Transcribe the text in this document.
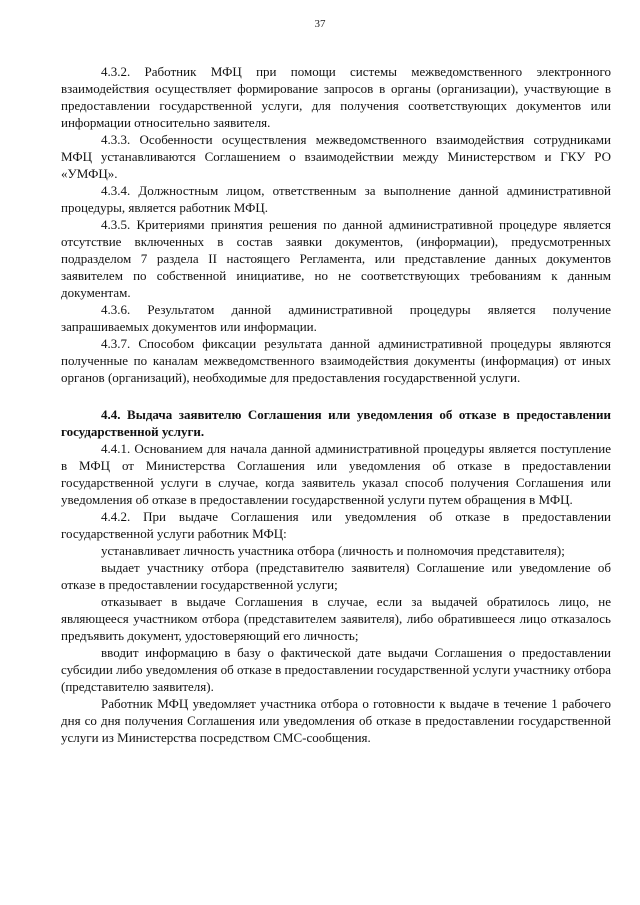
37

4.3.2. Работник МФЦ при помощи системы межведомственного электронного взаимодействия осуществляет формирование запросов в органы (организации), участвующие в предоставлении государственной услуги, для получения соответствующих документов или информации относительно заявителя.

4.3.3. Особенности осуществления межведомственного взаимодействия сотрудниками МФЦ устанавливаются Соглашением о взаимодействии между Министерством и ГКУ РО «УМФЦ».

4.3.4. Должностным лицом, ответственным за выполнение данной административной процедуры, является работник МФЦ.

4.3.5. Критериями принятия решения по данной административной процедуре является отсутствие включенных в состав заявки документов, (информации), предусмотренных подразделом 7 раздела II настоящего Регламента, или представление данных документов заявителем по собственной инициативе, но не соответствующих требованиям к данным документам.

4.3.6. Результатом данной административной процедуры является получение запрашиваемых документов или информации.

4.3.7. Способом фиксации результата данной административной процедуры являются полученные по каналам межведомственного взаимодействия документы (информация) от иных органов (организаций), необходимые для предоставления государственной услуги.

4.4. Выдача заявителю Соглашения или уведомления об отказе в предоставлении государственной услуги.

4.4.1. Основанием для начала данной административной процедуры является поступление в МФЦ от Министерства Соглашения или уведомления об отказе в предоставлении государственной услуги в случае, когда заявитель указал способ получения Соглашения или уведомления об отказе в предоставлении государственной услуги путем обращения в МФЦ.

4.4.2. При выдаче Соглашения или уведомления об отказе в предоставлении государственной услуги работник МФЦ:

устанавливает личность участника отбора (личность и полномочия представителя);

выдает участнику отбора (представителю заявителя) Соглашение или уведомление об отказе в предоставлении государственной услуги;

отказывает в выдаче Соглашения в случае, если за выдачей обратилось лицо, не являющееся участником отбора (представителем заявителя), либо обратившееся лицо отказалось предъявить документ, удостоверяющий его личность;

вводит информацию в базу о фактической дате выдачи Соглашения о предоставлении субсидии либо уведомления об отказе в предоставлении государственной услуги участнику отбора (представителю заявителя).

Работник МФЦ уведомляет участника отбора о готовности к выдаче в течение 1 рабочего дня со дня получения Соглашения или уведомления об отказе в предоставлении государственной услуги из Министерства посредством СМС-сообщения.
